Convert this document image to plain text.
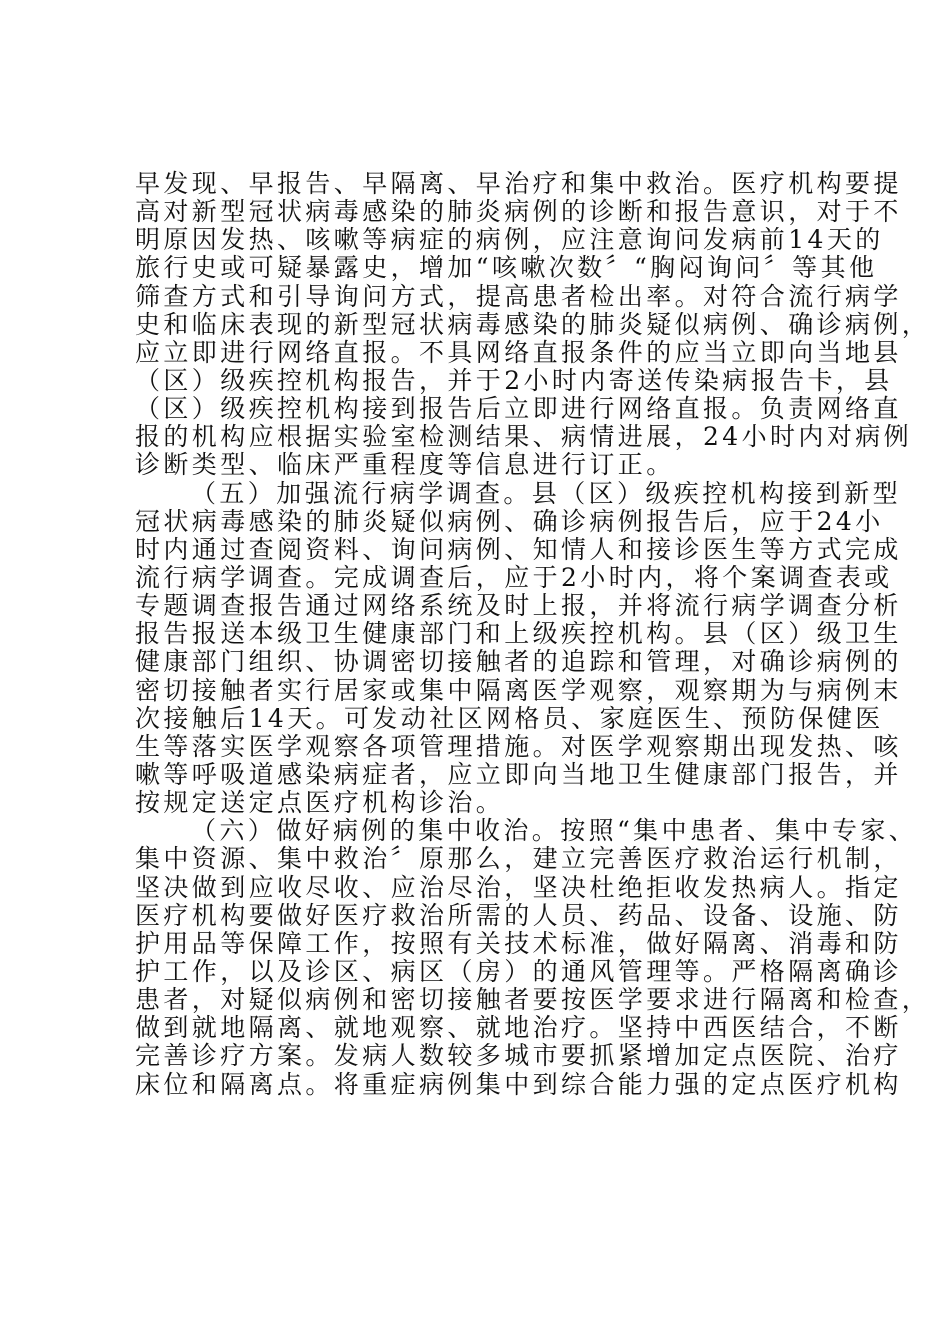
早发现、早报告、早隔离、早治疗和集中救治。医疗机构要提
高对新型冠状病毒感染的肺炎病例的诊断和报告意识，对于不
明原因发热、咳嗽等病症的病例，应注意询问发病前14天的
旅行史或可疑暴露史，增加“咳嗽次数〞“胸闷询问〞等其他
筛查方式和引导询问方式，提高患者检出率。对符合流行病学
史和临床表现的新型冠状病毒感染的肺炎疑似病例、确诊病例，
应立即进行网络直报。不具网络直报条件的应当立即向当地县
（区）级疾控机构报告，并于2小时内寄送传染病报告卡，县
（区）级疾控机构接到报告后立即进行网络直报。负责网络直
报的机构应根据实验室检测结果、病情进展，24小时内对病例
诊断类型、临床严重程度等信息进行订正。
（五）加强流行病学调查。县（区）级疾控机构接到新型
冠状病毒感染的肺炎疑似病例、确诊病例报告后，应于24小
时内通过查阅资料、询问病例、知情人和接诊医生等方式完成
流行病学调查。完成调查后，应于2小时内，将个案调查表或
专题调查报告通过网络系统及时上报，并将流行病学调查分析
报告报送本级卫生健康部门和上级疾控机构。县（区）级卫生
健康部门组织、协调密切接触者的追踪和管理，对确诊病例的
密切接触者实行居家或集中隔离医学观察，观察期为与病例末
次接触后14天。可发动社区网格员、家庭医生、预防保健医
生等落实医学观察各项管理措施。对医学观察期出现发热、咳
嗽等呼吸道感染病症者，应立即向当地卫生健康部门报告，并
按规定送定点医疗机构诊治。
（六）做好病例的集中收治。按照“集中患者、集中专家、
集中资源、集中救治〞原那么，建立完善医疗救治运行机制，
坚决做到应收尽收、应治尽治，坚决杜绝拒收发热病人。指定
医疗机构要做好医疗救治所需的人员、药品、设备、设施、防
护用品等保障工作，按照有关技术标准，做好隔离、消毒和防
护工作，以及诊区、病区（房）的通风管理等。严格隔离确诊
患者，对疑似病例和密切接触者要按医学要求进行隔离和检查，
做到就地隔离、就地观察、就地治疗。坚持中西医结合，不断
完善诊疗方案。发病人数较多城市要抓紧增加定点医院、治疗
床位和隔离点。将重症病例集中到综合能力强的定点医疗机构
